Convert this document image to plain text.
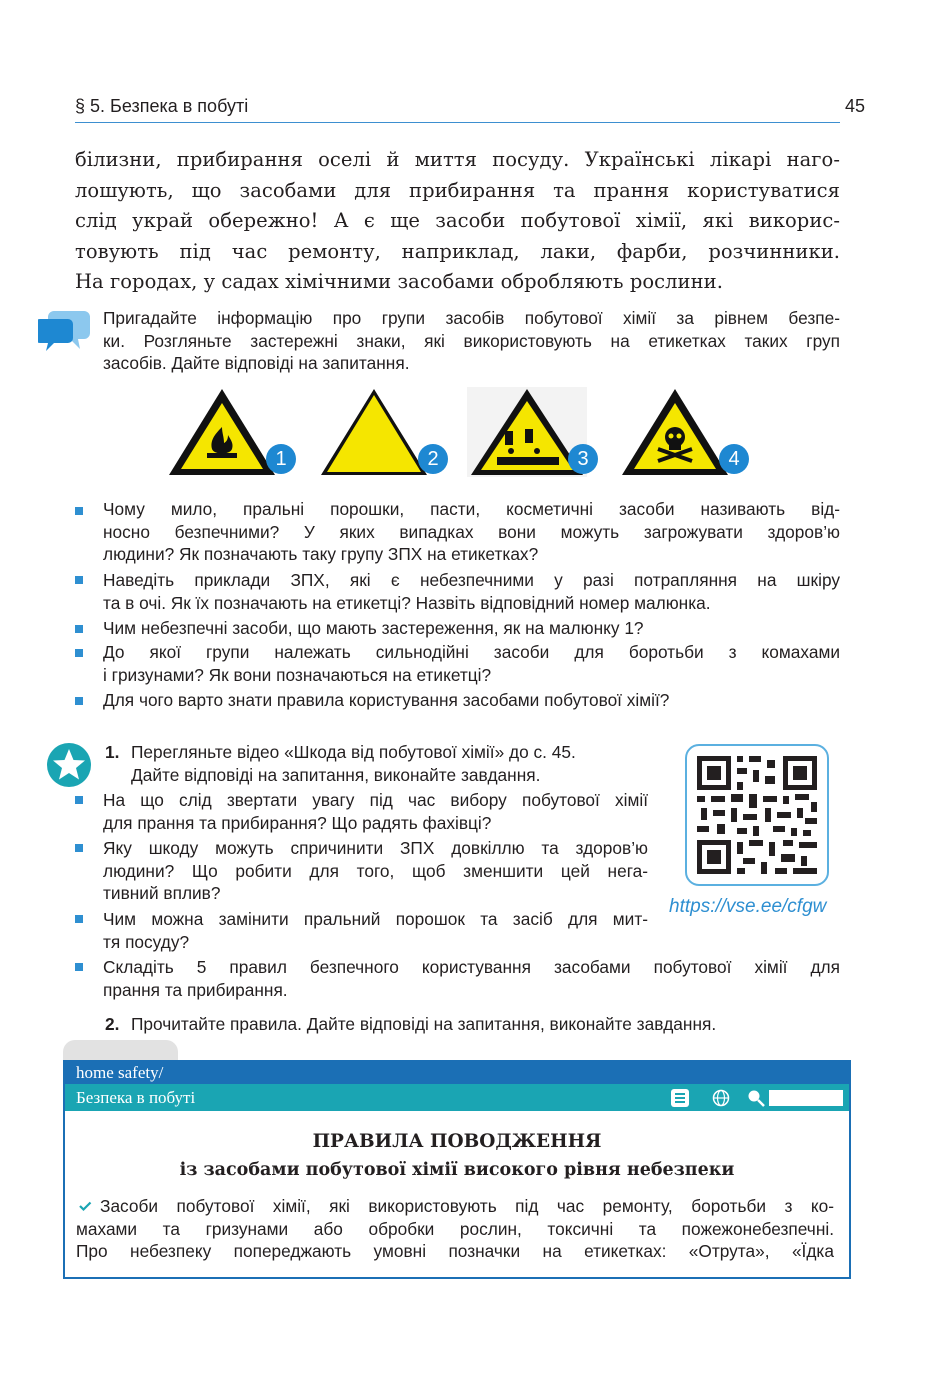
§ 5. Безпека в побуті	45
білизни, прибирання оселі й миття посуду. Українські лікарі наго-
лошують, що засобами для прибирання та прання користуватися
слід украй обережно! А є ще засоби побутової хімії, які викорис-
товують під час ремонту, наприклад, лаки, фарби, розчинники.
На городах, у садах хімічними засобами обробляють рослини.
Пригадайте інформацію про групи засобів побутової хімії за рівнем безпе-
ки. Розгляньте застережні знаки, які використовують на етикетках таких груп
засобів. Дайте відповіді на запитання.
1	2	3	4
Чому мило, пральні порошки, пасти, косметичні засоби називають від-
носно безпечними? У яких випадках вони можуть загрожувати здоров’ю
людини? Як позначають таку групу ЗПХ на етикетках?
Наведіть приклади ЗПХ, які є небезпечними у разі потрапляння на шкіру
та в очі. Як їх позначають на етикетці? Назвіть відповідний номер малюнка.
Чим небезпечні засоби, що мають застереження, як на малюнку 1?
До якої групи належать сильнодійні засоби для боротьби з комахами
і гризунами? Як вони позначаються на етикетці?
Для чого варто знати правила користування засобами побутової хімії?
1. Перегляньте відео «Шкода від побутової хімії» до с. 45.
Дайте відповіді на запитання, виконайте завдання.
На що слід звертати увагу під час вибору побутової хімії
для прання та прибирання? Що радять фахівці?
Яку шкоду можуть спричинити ЗПХ довкіллю та здоров’ю
людини? Що робити для того, щоб зменшити цей нега-
тивний вплив?
Чим можна замінити пральний порошок та засіб для мит-
тя посуду?
Складіть 5 правил безпечного користування засобами побутової хімії для
прання та прибирання.
https://vse.ee/cfgw
2. Прочитайте правила. Дайте відповіді на запитання, виконайте завдання.
home safety/
Безпека в побуті
ПРАВИЛА ПОВОДЖЕННЯ
із засобами побутової хімії високого рівня небезпеки
Засоби побутової хімії, які використовують під час ремонту, боротьби з ко-
махами та гризунами або обробки рослин, токсичні та пожежонебезпечні.
Про небезпеку попереджають умовні позначки на етикетках: «Отрута», «Їдка
